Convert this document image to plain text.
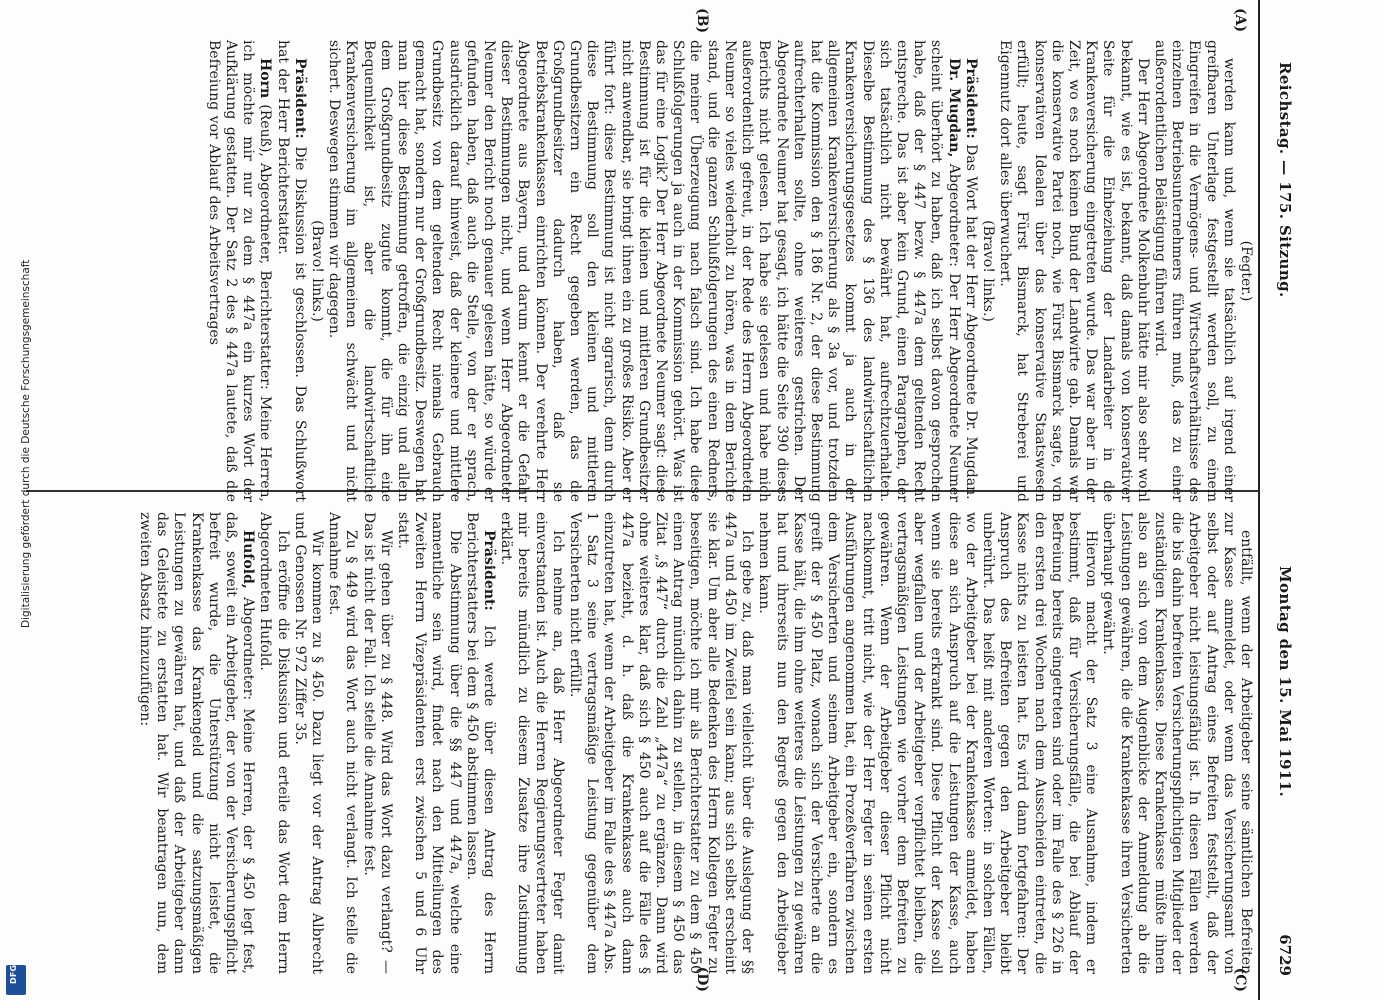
Reichstag. — 175. Sitzung.
Montag den 15. Mai 1911.
6729
(A)
(B)
(C)
(D)

(Fegter.)

werden kann und, wenn sie tatsächlich auf irgend einer greifbaren Unterlage festgestellt werden soll, zu einem Eingreifen in die Vermögens- und Wirtschaftsverhältnisse des einzelnen Betriebsunternehmers führen muß, das zu einer außerordentlichen Belästigung führen wird.

Der Herr Abgeordnete Molkenbuhr hätte mir also sehr wohl bekannt, wie es ist, bekannt, daß damals von konservativer Seite für die Einbeziehung der Landarbeiter in die Krankenversicherung eingetreten wurde. Das war aber in der Zeit, wo es noch keinen Bund der Landwirte gab. Damals war die konservative Partei noch, wie Fürst Bismarck sagte, von konservativen Idealen über das konservative Staatswesen erfüllt; heute, sagt Fürst Bismarck, hat Streberei und Eigennutz dort alles überwuchert.

(Bravo! links.)

Präsident: Das Wort hat der Herr Abgeordnete Dr. Mugdan.

Dr. Mugdan, Abgeordneter: Der Herr Abgeordnete Neumer scheint überhört zu haben, daß ich selbst davon gesprochen habe, daß der § 447 bezw. § 447a dem geltenden Recht entspreche. Das ist aber kein Grund, einen Paragraphen, der sich tatsächlich nicht bewährt hat, aufrechtzuerhalten. Dieselbe Bestimmung des § 136 des landwirtschaftlichen Krankenversicherungsgesetzes kommt ja auch in der allgemeinen Krankenversicherung als § 3a vor, und trotzdem hat die Kommission den § 186 Nr. 2, der diese Bestimmung aufrechterhalten sollte, ohne weiteres gestrichen. Der Abgeordnete Neumer hat gesagt, ich hätte die Seite 390 dieses Berichts nicht gelesen. Ich habe sie gelesen und habe mich außerordentlich gefreut, in der Rede des Herrn Abgeordneten Neumer so vieles wiederholt zu hören, was in dem Berichte stand, und die ganzen Schlußfolgerungen des einen Redners, die meiner Überzeugung nach falsch sind. Ich habe diese Schlußfolgerungen ja auch in der Kommission gehört. Was ist das für eine Logik? Der Herr Abgeordnete Neumer sagt: diese Bestimmung ist für die kleinen und mittleren Grundbesitzer nicht anwendbar, sie bringt ihnen ein zu großes Risiko. Aber er führt fort: diese Bestimmung ist nicht agrarisch, denn durch diese Bestimmung soll den kleinen und mittleren Grundbesitzern ein Recht gegeben werden, das die Großgrundbesitzer dadurch haben, daß sie Betriebskrankenkassen einrichten können. Der verehrte Herr Abgeordnete aus Bayern, und darum kennt er die Gefahr dieser Bestimmungen nicht, und wenn Herr Abgeordneter Neumer den Bericht noch genauer gelesen hätte, so würde er gefunden haben, daß auch die Stelle, von der er sprach, ausdrücklich darauf hinweist, daß der kleinere und mittlere Grundbesitz von dem geltenden Recht niemals Gebrauch gemacht hat, sondern nur der Großgrundbesitz. Deswegen hat man hier diese Bestimmung getroffen, die einzig und allein dem Großgrundbesitz zugute kommt, die für ihn eine Bequemlichkeit ist, aber die landwirtschaftliche Krankenversicherung im allgemeinen schwächt und nicht sichert. Deswegen stimmen wir dagegen.

(Bravo! links.)

Präsident: Die Diskussion ist geschlossen. Das Schlußwort hat der Herr Berichterstatter.

Horn (Reuß), Abgeordneter, Berichterstatter: Meine Herren, ich möchte mir nur zu dem § 447a ein kurzes Wort der Aufklärung gestatten. Der Satz 2 des § 447a lautete, daß die Befreiung vor Ablauf des Arbeitsvertrages

entfällt, wenn der Arbeitgeber seine sämtlichen Befreiten zur Kasse anmeldet, oder wenn das Versicherungsamt von selbst oder auf Antrag eines Befreiten feststellt, daß der Arbeitgeber nicht leistungsfähig ist. In diesen Fällen werden die bis dahin befreiten Versicherungspflichtigen Mitglieder der zuständigen Krankenkasse. Diese Krankenkasse müßte ihnen also an sich von dem Augenblicke der Anmeldung ab die Leistungen gewähren, die die Krankenkasse ihren Versicherten überhaupt gewährt.

Hiervon macht der Satz 3 eine Ausnahme, indem er bestimmt, daß für Versicherungsfälle, die bei Ablauf der Befreiung bereits eingetreten sind oder im Falle des § 226 in den ersten drei Wochen nach dem Ausscheiden eintreten, die Kasse nichts zu leisten hat. Es wird dann fortgefahren: Der Anspruch des Befreiten gegen den Arbeitgeber bleibt unberührt. Das heißt mit anderen Worten: in solchen Fällen, wo der Arbeitgeber bei der Krankenkasse anmeldet, haben diese an sich Anspruch auf die Leistungen der Kasse, auch wenn sie bereits erkrankt sind. Diese Pflicht der Kasse soll aber wegfallen und der Arbeitgeber verpflichtet bleiben, die vertragsmäßigen Leistungen wie vorher dem Befreiten zu gewähren. Wenn der Arbeitgeber dieser Pflicht nicht nachkommt, tritt nicht, wie der Herr Fegter in seinen ersten Ausführungen angenommen hat, ein Prozeßverfahren zwischen dem Versicherten und seinem Arbeitgeber ein, sondern es greift der § 450 Platz, wonach sich der Versicherte an die Kasse hält, die ihm ohne weiteres die Leistungen zu gewähren hat und ihrerseits nun den Regreß gegen den Arbeitgeber nehmen kann.

Ich gebe zu, daß man vielleicht über die Auslegung der §§ 447a und 450 im Zweifel sein kann; aus sich selbst erscheint sie klar. Um aber alle Bedenken des Herrn Kollegen Fegter zu beseitigen, möchte ich mir als Berichterstatter zu dem § 450 einen Antrag mündlich dahin zu stellen, in diesem § 450 das Zitat „§ 447“ durch die Zahl „447a“ zu ergänzen. Dann wird ohne weiteres klar, daß sich § 450 auch auf die Fälle des § 447a bezieht, d. h. daß die Krankenkasse auch dann einzutreten hat, wenn der Arbeitgeber im Falle des § 447a Abs. 1 Satz 3 seine vertragsmäßige Leistung gegenüber dem Versicherten nicht erfüllt.

Ich nehme an, daß Herr Abgeordneter Fegter damit einverstanden ist. Auch die Herren Regierungsvertreter haben mir bereits mündlich zu diesem Zusatze ihre Zustimmung erklärt.

Präsident: Ich werde über diesen Antrag des Herrn Berichterstatters bei dem § 450 abstimmen lassen.

Die Abstimmung über die §§ 447 und 447a, welche eine namentliche sein wird, findet nach den Mitteilungen des Zweiten Herrn Vizepräsidenten erst zwischen 5 und 6 Uhr statt.

Wir gehen über zu § 448. Wird das Wort dazu verlangt? — Das ist nicht der Fall. Ich stelle die Annahme fest.

Zu § 449 wird das Wort auch nicht verlangt. Ich stelle die Annahme fest.

Wir kommen zu § 450. Dazu liegt vor der Antrag Albrecht und Genossen Nr. 972 Ziffer 35.

Ich eröffne die Diskussion und erteile das Wort dem Herrn Abgeordneten Hufold.

Hufold, Abgeordneter: Meine Herren, der § 450 legt fest, daß, soweit ein Arbeitgeber, der von der Versicherungspflicht befreit wurde, die Unterstützung nicht leistet, die Krankenkasse das Krankengeld und die satzungsmäßigen Leistungen zu gewähren hat, und daß der Arbeitgeber dann das Geleistete zu erstatten hat. Wir beantragen nun, dem zweiten Absatz hinzuzufügen:

Digitalisierung gefördert durch die Deutsche Forschungsgemeinschaft
DFG
